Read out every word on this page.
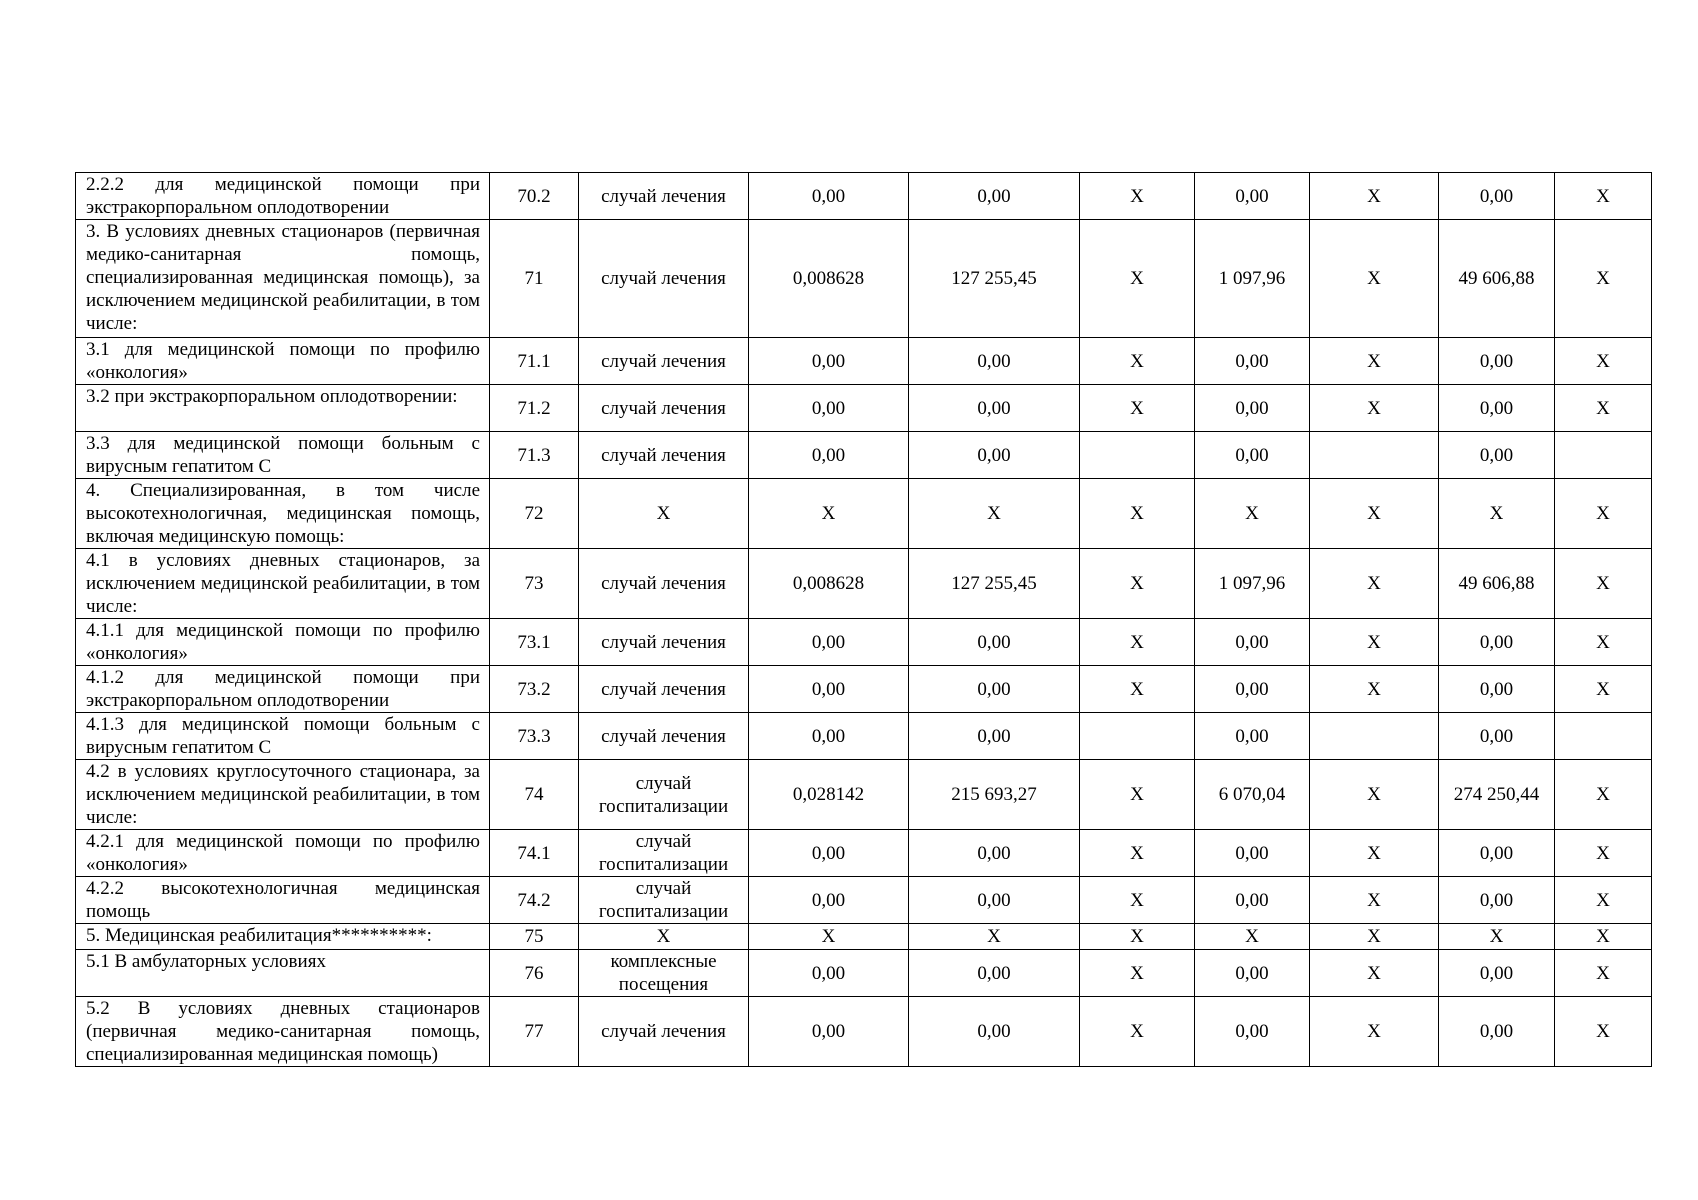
2.2.2 для медицинской помощи при экстракорпоральном оплодотворении	70.2	случай лечения	0,00	0,00	X	0,00	X	0,00	X
3. В условиях дневных стационаров (первичная медико-санитарная помощь, специализированная медицинская помощь), за исключением медицинской реабилитации, в том числе:	71	случай лечения	0,008628	127 255,45	X	1 097,96	X	49 606,88	X
3.1 для медицинской помощи по профилю «онкология»	71.1	случай лечения	0,00	0,00	X	0,00	X	0,00	X
3.2 при экстракорпоральном оплодотворении:	71.2	случай лечения	0,00	0,00	X	0,00	X	0,00	X
3.3 для медицинской помощи больным с вирусным гепатитом С	71.3	случай лечения	0,00	0,00		0,00		0,00	
4. Специализированная, в том числе высокотехнологичная, медицинская помощь, включая медицинскую помощь:	72	X	X	X	X	X	X	X	X
4.1 в условиях дневных стационаров, за исключением медицинской реабилитации, в том числе:	73	случай лечения	0,008628	127 255,45	X	1 097,96	X	49 606,88	X
4.1.1 для медицинской помощи по профилю «онкология»	73.1	случай лечения	0,00	0,00	X	0,00	X	0,00	X
4.1.2 для медицинской помощи при экстракорпоральном оплодотворении	73.2	случай лечения	0,00	0,00	X	0,00	X	0,00	X
4.1.3 для медицинской помощи больным с вирусным гепатитом С	73.3	случай лечения	0,00	0,00		0,00		0,00	
4.2 в условиях круглосуточного стационара, за исключением медицинской реабилитации, в том числе:	74	случай госпитализации	0,028142	215 693,27	X	6 070,04	X	274 250,44	X
4.2.1 для медицинской помощи по профилю «онкология»	74.1	случай госпитализации	0,00	0,00	X	0,00	X	0,00	X
4.2.2 высокотехнологичная медицинская помощь	74.2	случай госпитализации	0,00	0,00	X	0,00	X	0,00	X
5. Медицинская реабилитация**********:	75	X	X	X	X	X	X	X	X
5.1 В амбулаторных условиях	76	комплексные посещения	0,00	0,00	X	0,00	X	0,00	X
5.2 В условиях дневных стационаров (первичная медико-санитарная помощь, специализированная медицинская помощь)	77	случай лечения	0,00	0,00	X	0,00	X	0,00	X
